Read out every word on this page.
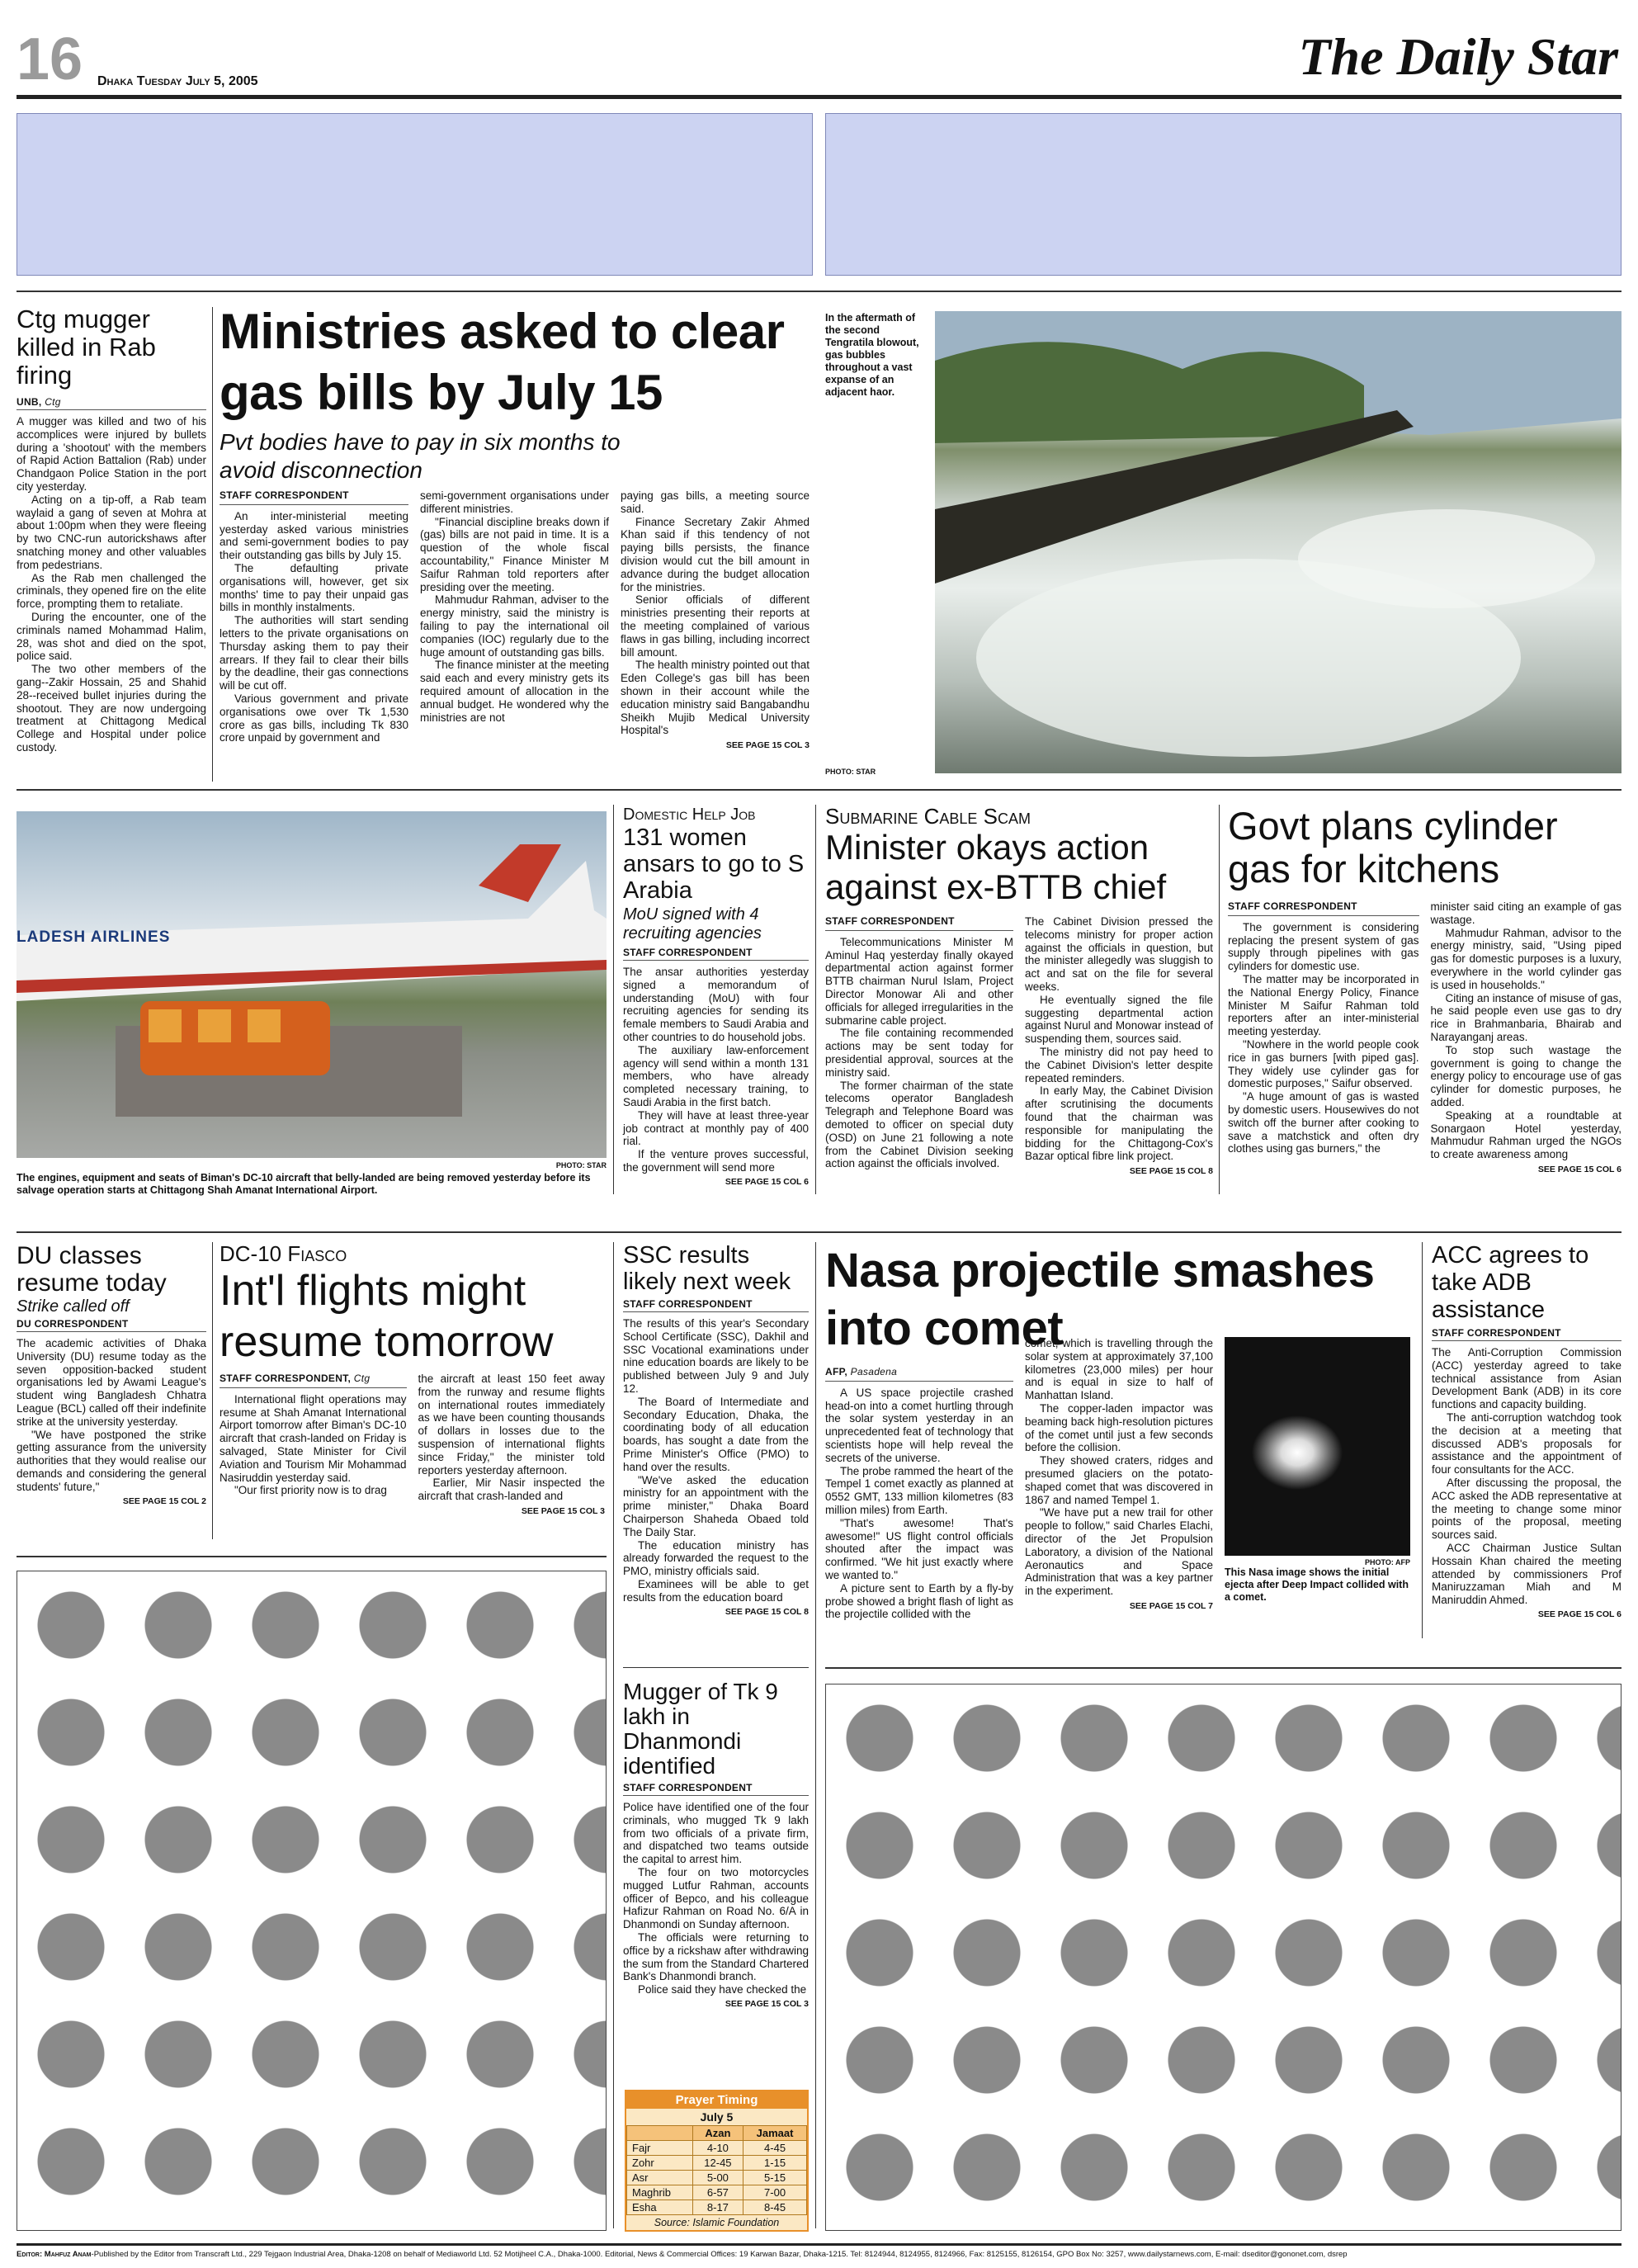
16 Dhaka Tuesday July 5, 2005	The Daily Star
Ctg mugger killed in Rab firing
UNB, Ctg

A mugger was killed and two of his accomplices were injured by bullets during a 'shootout' with the members of Rapid Action Battalion (Rab) under Chandgaon Police Station in the port city yesterday.

Acting on a tip-off, a Rab team waylaid a gang of seven at Mohra at about 1:00pm when they were fleeing by two CNC-run autorickshaws after snatching money and other valuables from pedestrians.

As the Rab men challenged the criminals, they opened fire on the elite force, prompting them to retaliate.

During the encounter, one of the criminals named Mohammad Halim, 28, was shot and died on the spot, police said.

The two other members of the gang--Zakir Hossain, 25 and Shahid 28--received bullet injuries during the shootout. They are now undergoing treatment at Chittagong Medical College and Hospital under police custody.

Ministries asked to clear gas bills by July 15
Pvt bodies have to pay in six months to avoid disconnection
STAFF CORRESPONDENT

An inter-ministerial meeting yesterday asked various ministries and semi-government bodies to pay their outstanding gas bills by July 15.

The defaulting private organisations will, however, get six months' time to pay their unpaid gas bills in monthly instalments.

The authorities will start sending letters to the private organisations on Thursday asking them to pay their arrears. If they fail to clear their bills by the deadline, their gas connections will be cut off.

Various government and private organisations owe over Tk 1,530 crore as gas bills, including Tk 830 crore unpaid by government and

semi-government organisations under different ministries.

"Financial discipline breaks down if (gas) bills are not paid in time. It is a question of the whole fiscal accountability," Finance Minister M Saifur Rahman told reporters after presiding over the meeting.

Mahmudur Rahman, adviser to the energy ministry, said the ministry is failing to pay the international oil companies (IOC) regularly due to the huge amount of outstanding gas bills.

The finance minister at the meeting said each and every ministry gets its required amount of allocation in the annual budget. He wondered why the ministries are not

paying gas bills, a meeting source said.

Finance Secretary Zakir Ahmed Khan said if this tendency of not paying bills persists, the finance division would cut the bill amount in advance during the budget allocation for the ministries.

Senior officials of different ministries presenting their reports at the meeting complained of various flaws in gas billing, including incorrect bill amount.

The health ministry pointed out that Eden College's gas bill has been shown in their account while the education ministry said Bangabandhu Sheikh Mujib Medical University Hospital's

SEE PAGE 15 COL 3
In the aftermath of the second Tengratila blowout, gas bubbles throughout a vast expanse of an adjacent haor.
PHOTO: STAR
LADESH AIRLINES
PHOTO: STAR
The engines, equipment and seats of Biman's DC-10 aircraft that belly-landed are being removed yesterday before its salvage operation starts at Chittagong Shah Amanat International Airport.
Domestic Help Job
131 women ansars to go to S Arabia
MoU signed with 4 recruiting agencies
STAFF CORRESPONDENT

The ansar authorities yesterday signed a memorandum of understanding (MoU) with four recruiting agencies for sending its female members to Saudi Arabia and other countries to do household jobs.

The auxiliary law-enforcement agency will send within a month 131 members, who have already completed necessary training, to Saudi Arabia in the first batch.

They will have at least three-year job contract at monthly pay of 400 rial.

If the venture proves successful, the government will send more

SEE PAGE 15 COL 6
Submarine Cable Scam
Minister okays action against ex-BTTB chief
STAFF CORRESPONDENT

Telecommunications Minister M Aminul Haq yesterday finally okayed departmental action against former BTTB chairman Nurul Islam, Project Director Monowar Ali and other officials for alleged irregularities in the submarine cable project.

The file containing recommended actions may be sent today for presidential approval, sources at the ministry said.

The former chairman of the state telecoms operator Bangladesh Telegraph and Telephone Board was demoted to officer on special duty (OSD) on June 21 following a note from the Cabinet Division seeking action against the officials involved.

The Cabinet Division pressed the telecoms ministry for proper action against the officials in question, but the minister allegedly was sluggish to act and sat on the file for several weeks.

He eventually signed the file suggesting departmental action against Nurul and Monowar instead of suspending them, sources said.

The ministry did not pay heed to the Cabinet Division's letter despite repeated reminders.

In early May, the Cabinet Division after scrutinising the documents found that the chairman was responsible for manipulating the bidding for the Chittagong-Cox's Bazar optical fibre link project.

SEE PAGE 15 COL 8
Govt plans cylinder gas for kitchens
STAFF CORRESPONDENT

The government is considering replacing the present system of gas supply through pipelines with gas cylinders for domestic use.

The matter may be incorporated in the National Energy Policy, Finance Minister M Saifur Rahman told reporters after an inter-ministerial meeting yesterday.

"Nowhere in the world people cook rice in gas burners [with piped gas]. They widely use cylinder gas for domestic purposes," Saifur observed.

"A huge amount of gas is wasted by domestic users. Housewives do not switch off the burner after cooking to save a matchstick and often dry clothes using gas burners," the

minister said citing an example of gas wastage.

Mahmudur Rahman, advisor to the energy ministry, said, "Using piped gas for domestic purposes is a luxury, everywhere in the world cylinder gas is used in households."

Citing an instance of misuse of gas, he said people even use gas to dry rice in Brahmanbaria, Bhairab and Narayanganj areas.

To stop such wastage the government is going to change the energy policy to encourage use of gas cylinder for domestic purposes, he added.

Speaking at a roundtable at Sonargaon Hotel yesterday, Mahmudur Rahman urged the NGOs to create awareness among

SEE PAGE 15 COL 6
DU classes resume today
Strike called off
DU CORRESPONDENT

The academic activities of Dhaka University (DU) resume today as the seven opposition-backed student organisations led by Awami League's student wing Bangladesh Chhatra League (BCL) called off their indefinite strike at the university yesterday.

"We have postponed the strike getting assurance from the university authorities that they would realise our demands and considering the general students' future,"

SEE PAGE 15 COL 2
DC-10 Fiasco
Int'l flights might resume tomorrow
STAFF CORRESPONDENT, Ctg

International flight operations may resume at Shah Amanat International Airport tomorrow after Biman's DC-10 aircraft that crash-landed on Friday is salvaged, State Minister for Civil Aviation and Tourism Mir Mohammad Nasiruddin yesterday said.

"Our first priority now is to drag

the aircraft at least 150 feet away from the runway and resume flights on international routes immediately as we have been counting thousands of dollars in losses due to the suspension of international flights since Friday," the minister told reporters yesterday afternoon.

Earlier, Mir Nasir inspected the aircraft that crash-landed and

SEE PAGE 15 COL 3
SSC results likely next week
STAFF CORRESPONDENT

The results of this year's Secondary School Certificate (SSC), Dakhil and SSC Vocational examinations under nine education boards are likely to be published between July 9 and July 12.

The Board of Intermediate and Secondary Education, Dhaka, the coordinating body of all education boards, has sought a date from the Prime Minister's Office (PMO) to hand over the results.

"We've asked the education ministry for an appointment with the prime minister," Dhaka Board Chairperson Shaheda Obaed told The Daily Star.

The education ministry has already forwarded the request to the PMO, ministry officials said.

Examinees will be able to get results from the education board

SEE PAGE 15 COL 8
Mugger of Tk 9 lakh in Dhanmondi identified
STAFF CORRESPONDENT

Police have identified one of the four criminals, who mugged Tk 9 lakh from two officials of a private firm, and dispatched two teams outside the capital to arrest him.

The four on two motorcycles mugged Lutfur Rahman, accounts officer of Bepco, and his colleague Hafizur Rahman on Road No. 6/A in Dhanmondi on Sunday afternoon.

The officials were returning to office by a rickshaw after withdrawing the sum from the Standard Chartered Bank's Dhanmondi branch.

Police said they have checked the

SEE PAGE 15 COL 3
Prayer Timing
July 5
	Azan	Jamaat
Fajr	4-10	4-45
Zohr	12-45	1-15
Asr	5-00	5-15
Maghrib	6-57	7-00
Esha	8-17	8-45
Source: Islamic Foundation
Nasa projectile smashes into comet
AFP, Pasadena

A US space projectile crashed head-on into a comet hurtling through the solar system yesterday in an unprecedented feat of technology that scientists hope will help reveal the secrets of the universe.

The probe rammed the heart of the Tempel 1 comet exactly as planned at 0552 GMT, 133 million kilometres (83 million miles) from Earth.

"That's awesome! That's awesome!" US flight control officials shouted after the impact was confirmed. "We hit just exactly where we wanted to."

A picture sent to Earth by a fly-by probe showed a bright flash of light as the projectile collided with the

comet, which is travelling through the solar system at approximately 37,100 kilometres (23,000 miles) per hour and is equal in size to half of Manhattan Island.

The copper-laden impactor was beaming back high-resolution pictures of the comet until just a few seconds before the collision.

They showed craters, ridges and presumed glaciers on the potato-shaped comet that was discovered in 1867 and named Tempel 1.

"We have put a new trail for other people to follow," said Charles Elachi, director of the Jet Propulsion Laboratory, a division of the National Aeronautics and Space Administration that was a key partner in the experiment.

SEE PAGE 15 COL 7
PHOTO: AFP
This Nasa image shows the initial ejecta after Deep Impact collided with a comet.
ACC agrees to take ADB assistance
STAFF CORRESPONDENT

The Anti-Corruption Commission (ACC) yesterday agreed to take technical assistance from Asian Development Bank (ADB) in its core functions and capacity building.

The anti-corruption watchdog took the decision at a meeting that discussed ADB's proposals for assistance and the appointment of four consultants for the ACC.

After discussing the proposal, the ACC asked the ADB representative at the meeting to change some minor points of the proposal, meeting sources said.

ACC Chairman Justice Sultan Hossain Khan chaired the meeting attended by commissioners Prof Maniruzzaman Miah and M Maniruddin Ahmed.

SEE PAGE 15 COL 6
Editor: Mahfuz Anam-Published by the Editor from Transcraft Ltd., 229 Tejgaon Industrial Area, Dhaka-1208 on behalf of Mediaworld Ltd. 52 Motijheel C.A., Dhaka-1000. Editorial, News & Commercial Offices: 19 Karwan Bazar, Dhaka-1215. Tel: 8124944, 8124955, 8124966, Fax: 8125155, 8126154, GPO Box No: 3257, www.dailystarnews.com, E-mail: dseditor@gononet.com, dsrep
